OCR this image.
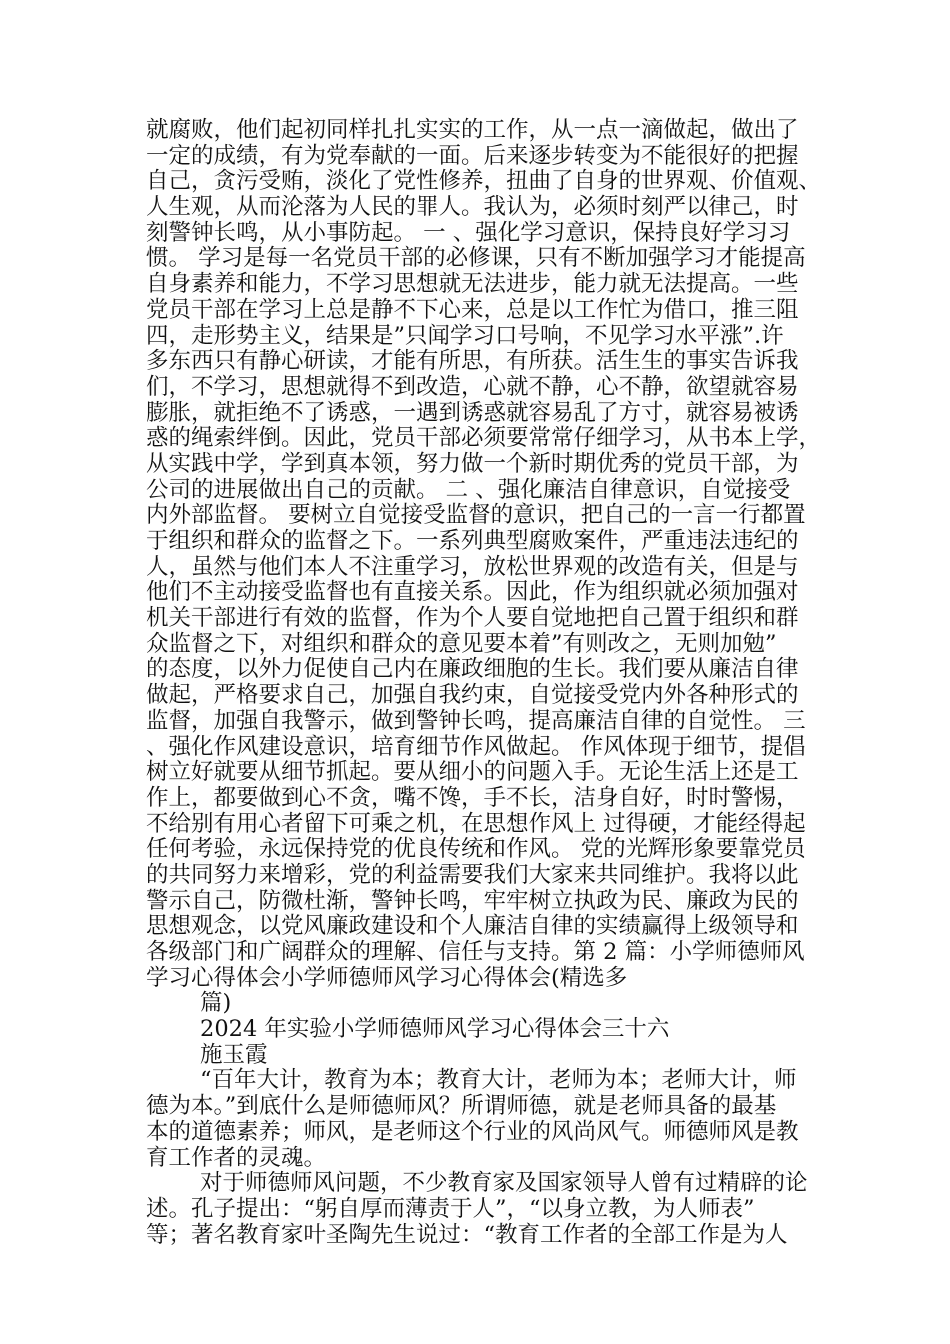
就腐败，他们起初同样扎扎实实的工作，从一点一滴做起，做出了
一定的成绩，有为党奉献的一面。后来逐步转变为不能很好的把握
自己，贪污受贿，淡化了党性修养，扭曲了自身的世界观、价值观、
人生观，从而沦落为人民的罪人。我认为，必须时刻严以律己，时
刻警钟长鸣，从小事防起。 一 、强化学习意识，保持良好学习习
惯。 学习是每一名党员干部的必修课，只有不断加强学习才能提高
自身素养和能力，不学习思想就无法进步，能力就无法提高。一些
党员干部在学习上总是静不下心来，总是以工作忙为借口，推三阻
四，走形势主义，结果是”只闻学习口号响，不见学习水平涨”.许
多东西只有静心研读，才能有所思，有所获。活生生的事实告诉我
们，不学习，思想就得不到改造，心就不静，心不静，欲望就容易
膨胀，就拒绝不了诱惑，一遇到诱惑就容易乱了方寸，就容易被诱
惑的绳索绊倒。因此，党员干部必须要常常仔细学习，从书本上学，
从实践中学，学到真本领，努力做一个新时期优秀的党员干部，为
公司的进展做出自己的贡献。 二 、强化廉洁自律意识，自觉接受
内外部监督。 要树立自觉接受监督的意识，把自己的一言一行都置
于组织和群众的监督之下。一系列典型腐败案件，严重违法违纪的
人，虽然与他们本人不注重学习，放松世界观的改造有关，但是与
他们不主动接受监督也有直接关系。因此，作为组织就必须加强对
机关干部进行有效的监督，作为个人要自觉地把自己置于组织和群
众监督之下，对组织和群众的意见要本着”有则改之，无则加勉”
的态度，以外力促使自己内在廉政细胞的生长。我们要从廉洁自律
做起，严格要求自己，加强自我约束，自觉接受党内外各种形式的
监督，加强自我警示，做到警钟长鸣，提高廉洁自律的自觉性。 三
、强化作风建设意识，培育细节作风做起。 作风体现于细节，提倡
树立好就要从细节抓起。要从细小的问题入手。无论生活上还是工
作上，都要做到心不贪，嘴不馋，手不长，洁身自好，时时警惕，
不给别有用心者留下可乘之机，在思想作风上 过得硬，才能经得起
任何考验，永远保持党的优良传统和作风。 党的光辉形象要靠党员
的共同努力来增彩，党的利益需要我们大家来共同维护。我将以此
警示自己，防微杜渐，警钟长鸣，牢牢树立执政为民、廉政为民的
思想观念，以党风廉政建设和个人廉洁自律的实绩赢得上级领导和
各级部门和广阔群众的理解、信任与支持。第 2 篇：小学师德师风
学习心得体会小学师德师风学习心得体会(精选多
篇)
2024 年实验小学师德师风学习心得体会三十六
施玉霞
“百年大计，教育为本；教育大计，老师为本；老师大计，师
德为本。”到底什么是师德师风？所谓师德，就是老师具备的最基
本的道德素养；师风，是老师这个行业的风尚风气。师德师风是教
育工作者的灵魂。
对于师德师风问题，不少教育家及国家领导人曾有过精辟的论
述。孔子提出：“躬自厚而薄责于人”，“以身立教，为人师表”
等；著名教育家叶圣陶先生说过：“教育工作者的全部工作是为人
